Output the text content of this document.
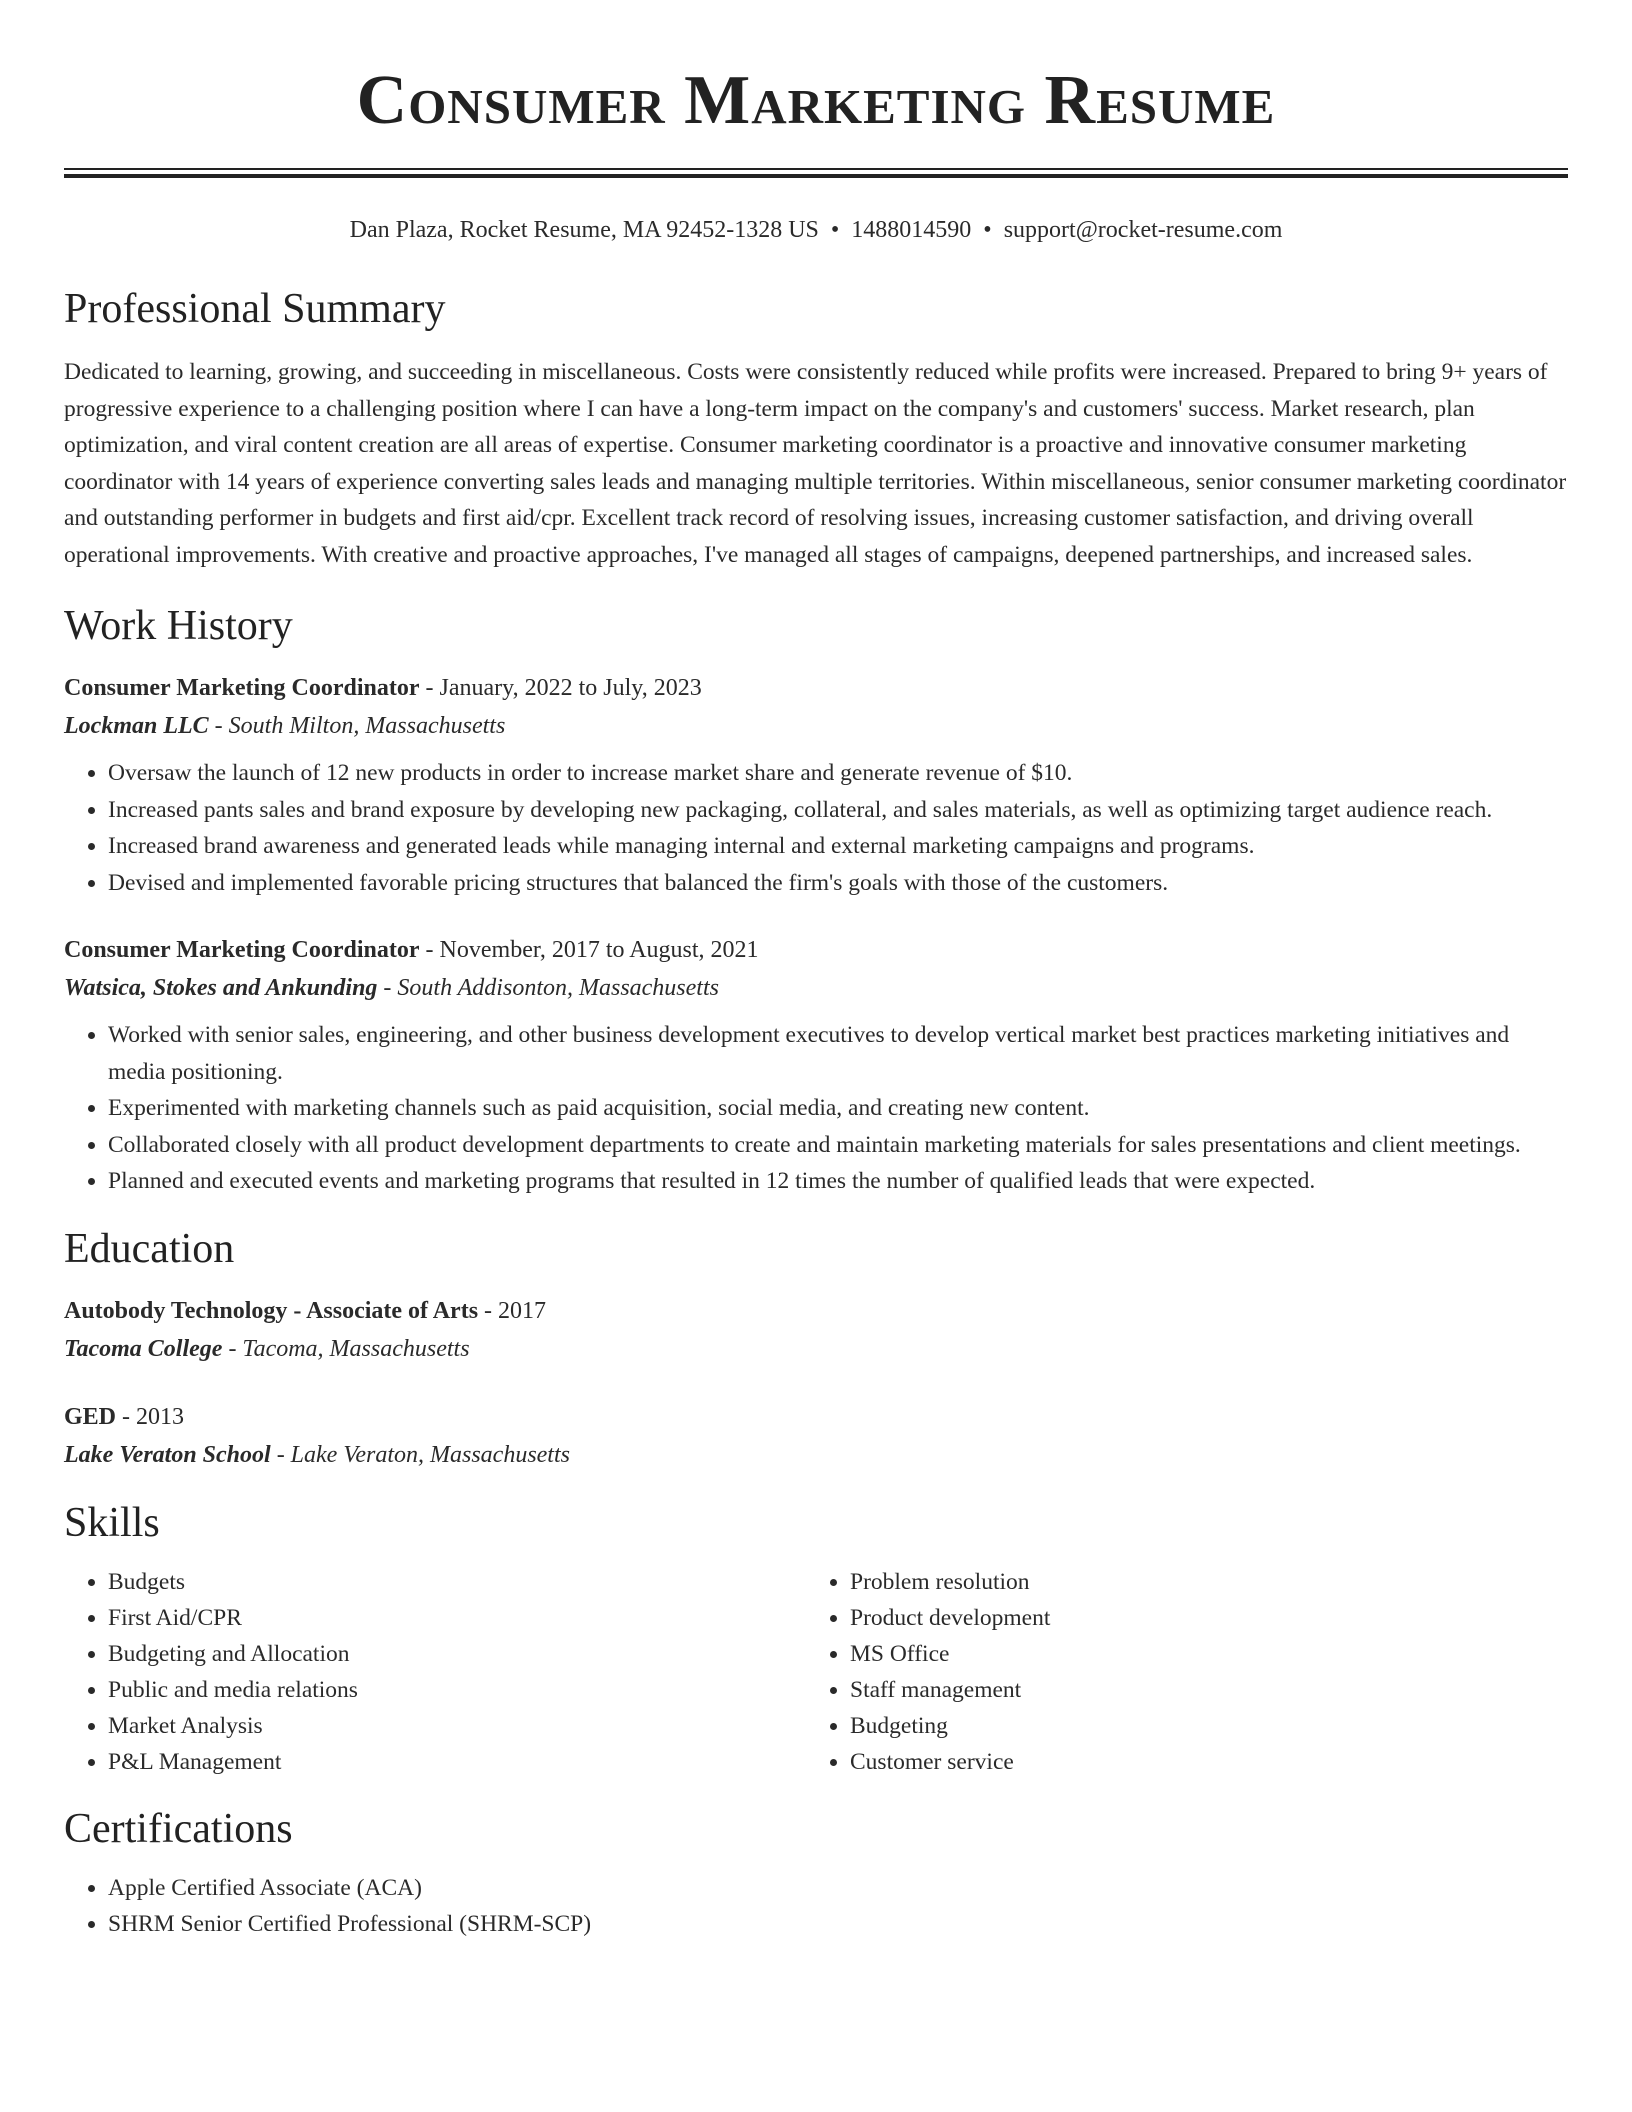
Consumer Marketing Resume
Dan Plaza, Rocket Resume, MA 92452-1328 US • 1488014590 • support@rocket-resume.com
Professional Summary
Dedicated to learning, growing, and succeeding in miscellaneous. Costs were consistently reduced while profits were increased. Prepared to bring 9+ years of progressive experience to a challenging position where I can have a long-term impact on the company's and customers' success. Market research, plan optimization, and viral content creation are all areas of expertise. Consumer marketing coordinator is a proactive and innovative consumer marketing coordinator with 14 years of experience converting sales leads and managing multiple territories. Within miscellaneous, senior consumer marketing coordinator and outstanding performer in budgets and first aid/cpr. Excellent track record of resolving issues, increasing customer satisfaction, and driving overall operational improvements. With creative and proactive approaches, I've managed all stages of campaigns, deepened partnerships, and increased sales.
Work History
Consumer Marketing Coordinator - January, 2022 to July, 2023
Lockman LLC - South Milton, Massachusetts
• Oversaw the launch of 12 new products in order to increase market share and generate revenue of $10.
• Increased pants sales and brand exposure by developing new packaging, collateral, and sales materials, as well as optimizing target audience reach.
• Increased brand awareness and generated leads while managing internal and external marketing campaigns and programs.
• Devised and implemented favorable pricing structures that balanced the firm's goals with those of the customers.
Consumer Marketing Coordinator - November, 2017 to August, 2021
Watsica, Stokes and Ankunding - South Addisonton, Massachusetts
• Worked with senior sales, engineering, and other business development executives to develop vertical market best practices marketing initiatives and media positioning.
• Experimented with marketing channels such as paid acquisition, social media, and creating new content.
• Collaborated closely with all product development departments to create and maintain marketing materials for sales presentations and client meetings.
• Planned and executed events and marketing programs that resulted in 12 times the number of qualified leads that were expected.
Education
Autobody Technology - Associate of Arts - 2017
Tacoma College - Tacoma, Massachusetts
GED - 2013
Lake Veraton School - Lake Veraton, Massachusetts
Skills
• Budgets
• First Aid/CPR
• Budgeting and Allocation
• Public and media relations
• Market Analysis
• P&L Management
• Problem resolution
• Product development
• MS Office
• Staff management
• Budgeting
• Customer service
Certifications
• Apple Certified Associate (ACA)
• SHRM Senior Certified Professional (SHRM-SCP)
